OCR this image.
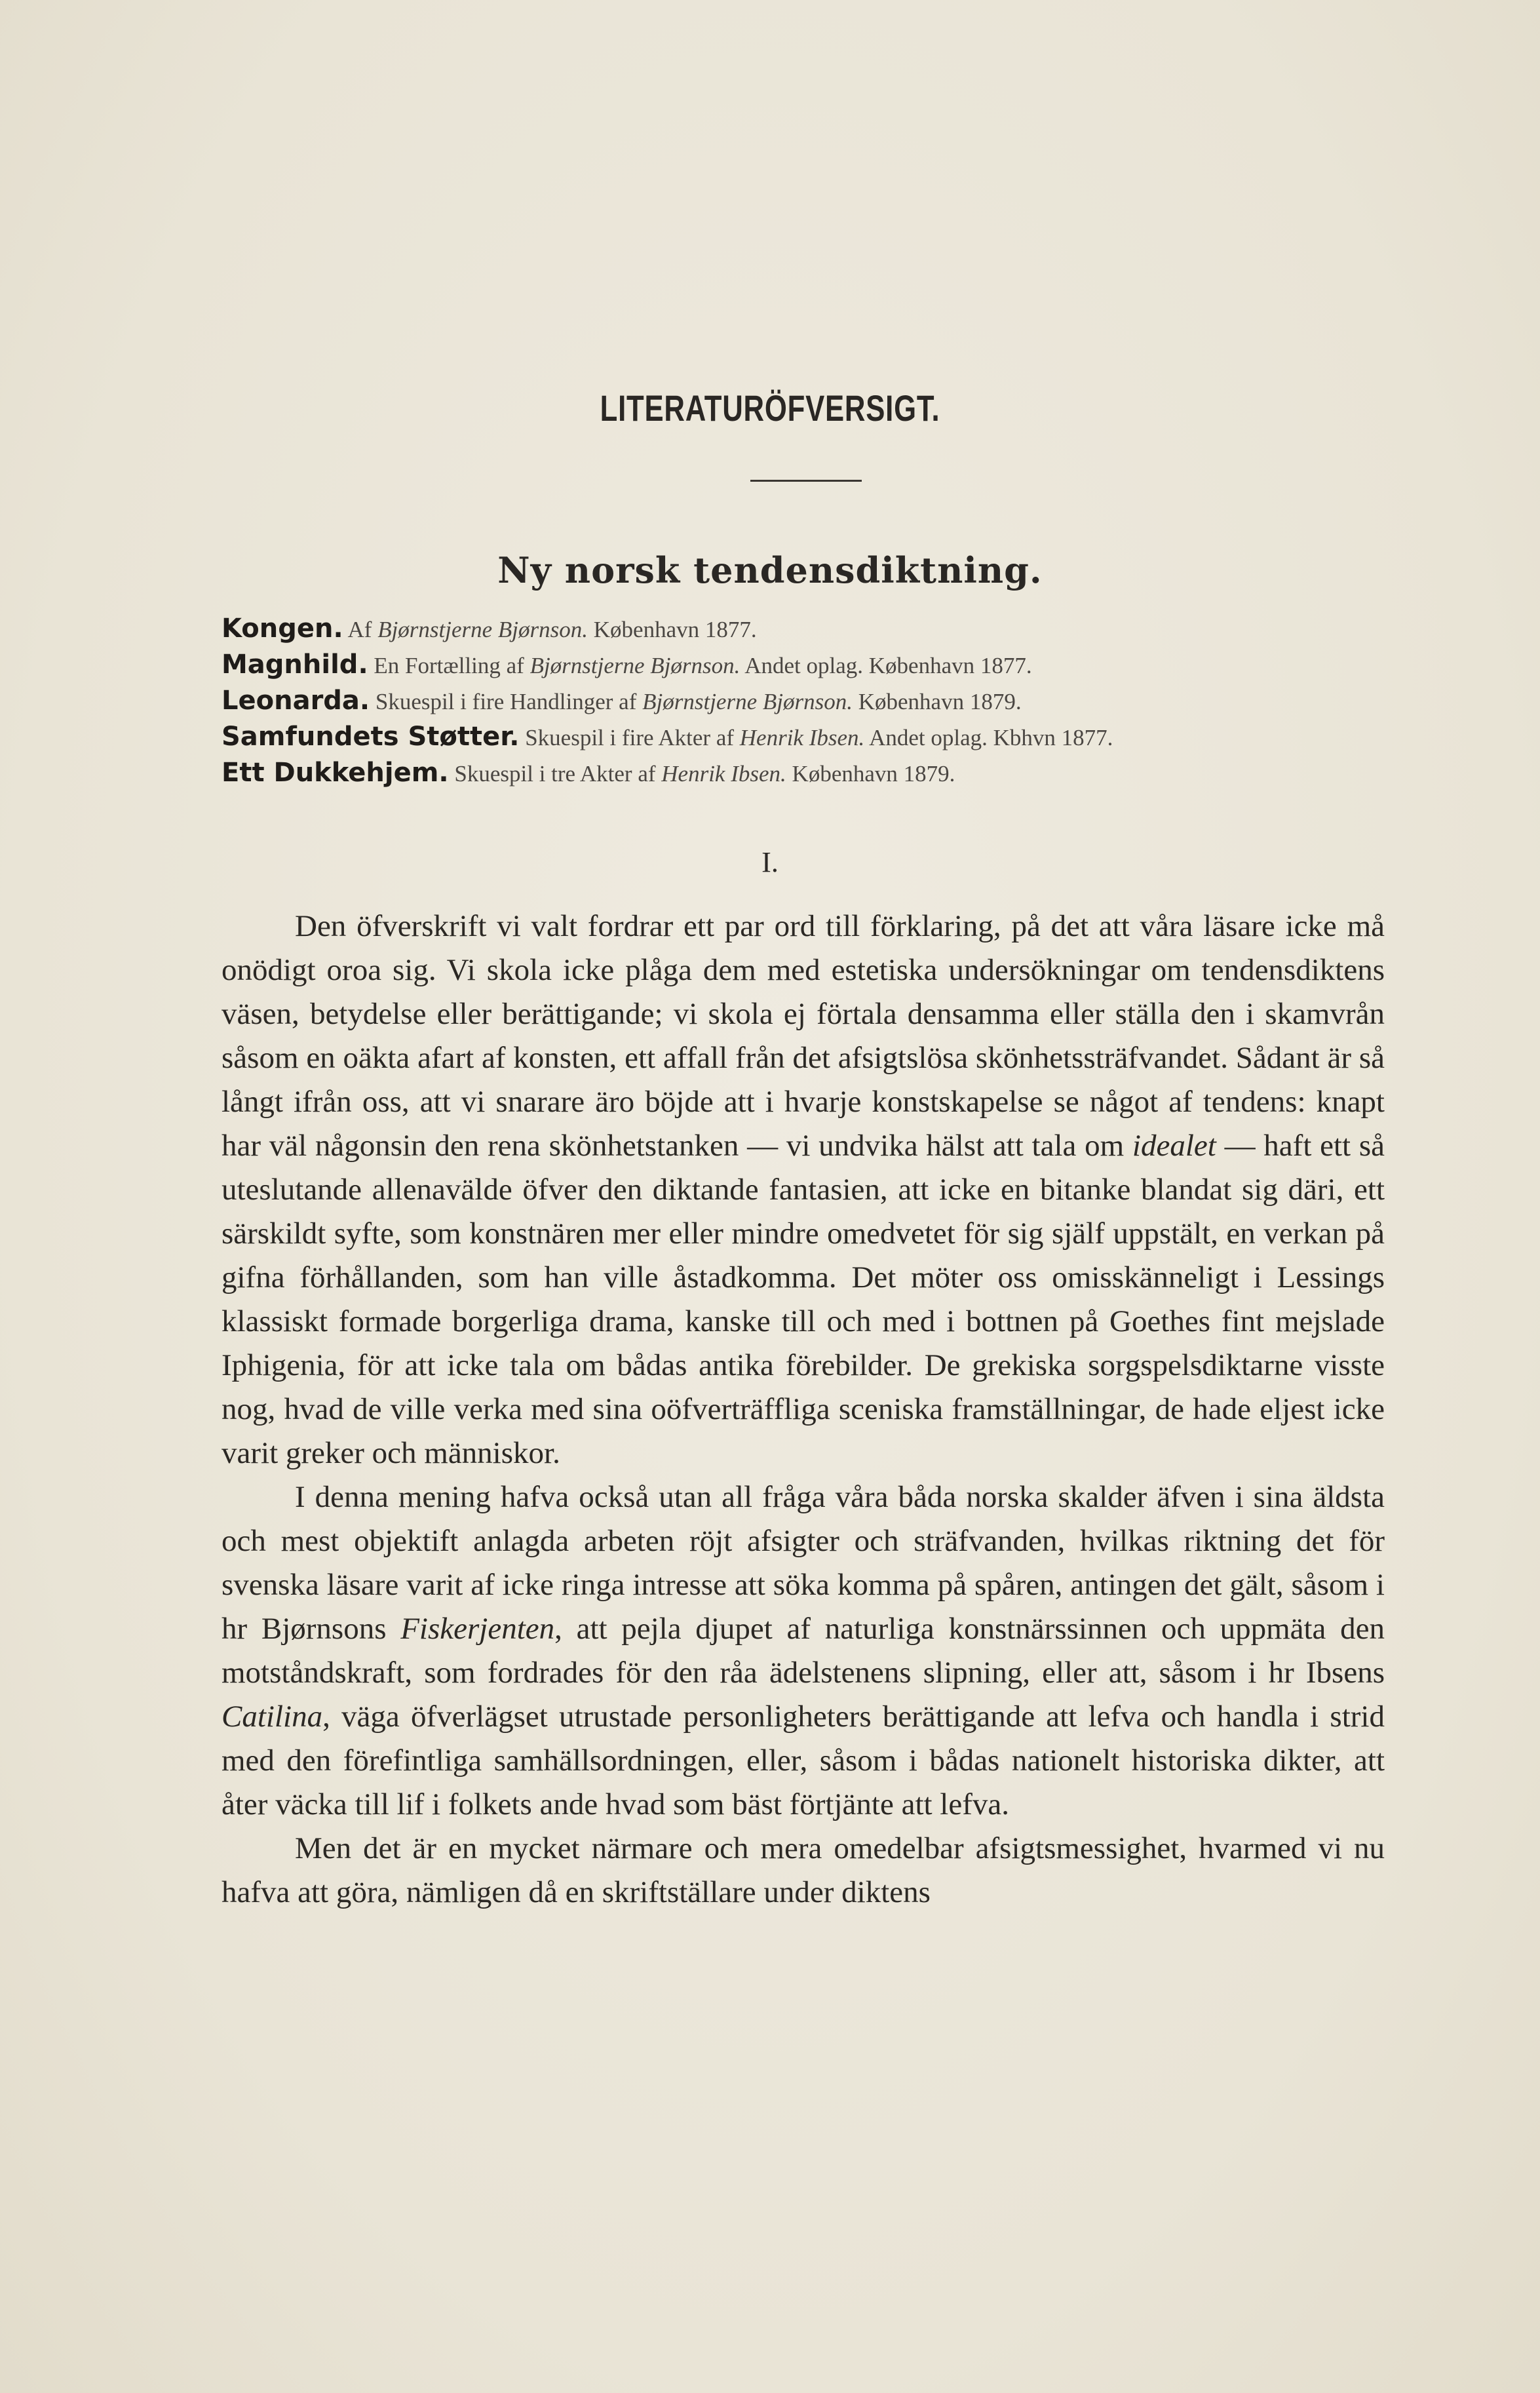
LITERATURÖFVERSIGT.
Ny norsk tendensdiktning.
Kongen. Af Bjørnstjerne Bjørnson. København 1877.
Magnhild. En Fortælling af Bjørnstjerne Bjørnson. Andet oplag. København 1877.
Leonarda. Skuespil i fire Handlinger af Bjørnstjerne Bjørnson. København 1879.
Samfundets Støtter. Skuespil i fire Akter af Henrik Ibsen. Andet oplag. Kbhvn 1877.
Ett Dukkehjem. Skuespil i tre Akter af Henrik Ibsen. København 1879.
I.

Den öfverskrift vi valt fordrar ett par ord till förklaring, på det att våra läsare icke må onödigt oroa sig. Vi skola icke plåga dem med estetiska undersökningar om tendensdiktens väsen, betydelse eller berättigande; vi skola ej förtala densamma eller ställa den i skamvrån såsom en oäkta afart af konsten, ett affall från det afsigtslösa skönhetssträfvandet. Sådant är så långt ifrån oss, att vi snarare äro böjde att i hvarje konstskapelse se något af tendens: knapt har väl någonsin den rena skönhetstanken — vi undvika hälst att tala om idealet — haft ett så uteslutande allenavälde öfver den diktande fantasien, att icke en bitanke blandat sig däri, ett särskildt syfte, som konstnären mer eller mindre omedvetet för sig själf uppstält, en verkan på gifna förhållanden, som han ville åstadkomma. Det möter oss omisskänneligt i Lessings klassiskt formade borgerliga drama, kanske till och med i bottnen på Goethes fint mejslade Iphigenia, för att icke tala om bådas antika förebilder. De grekiska sorgspelsdiktarne visste nog, hvad de ville verka med sina oöfverträffliga sceniska framställningar, de hade eljest icke varit greker och människor.

I denna mening hafva också utan all fråga våra båda norska skalder äfven i sina äldsta och mest objektift anlagda arbeten röjt afsigter och sträfvanden, hvilkas riktning det för svenska läsare varit af icke ringa intresse att söka komma på spåren, antingen det gält, såsom i hr Bjørnsons Fiskerjenten, att pejla djupet af naturliga konstnärssinnen och uppmäta den motståndskraft, som fordrades för den råa ädelstenens slipning, eller att, såsom i hr Ibsens Catilina, väga öfverlägset utrustade personligheters berättigande att lefva och handla i strid med den förefintliga samhällsordningen, eller, såsom i bådas nationelt historiska dikter, att åter väcka till lif i folkets ande hvad som bäst förtjänte att lefva.

Men det är en mycket närmare och mera omedelbar afsigtsmessighet, hvarmed vi nu hafva att göra, nämligen då en skriftställare under diktens
